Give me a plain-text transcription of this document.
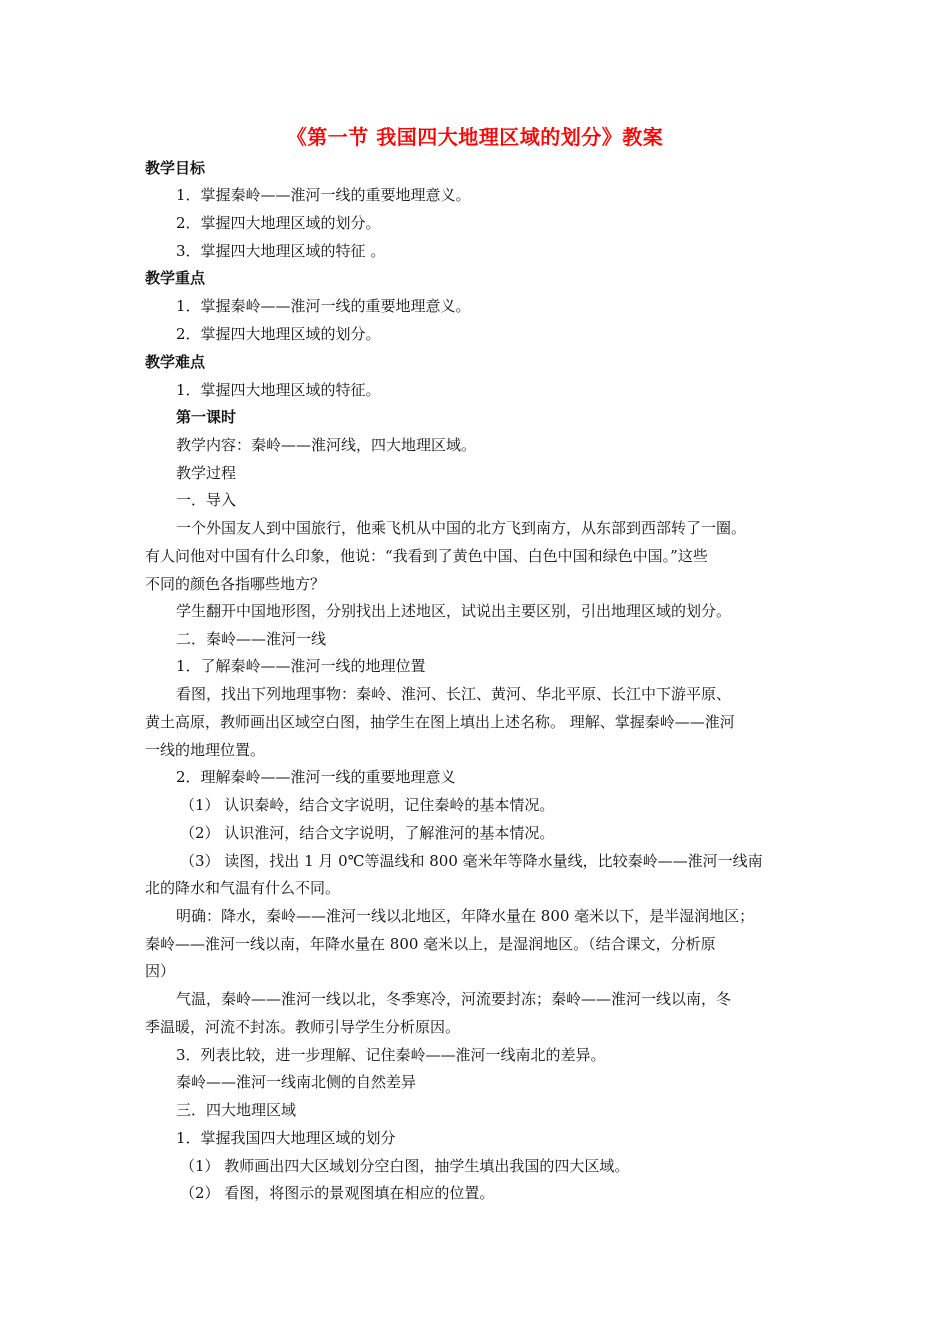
《第一节 我国四大地理区域的划分》教案
教学目标
1．掌握秦岭——淮河一线的重要地理意义。
2．掌握四大地理区域的划分。
3．掌握四大地理区域的特征 。
教学重点
1．掌握秦岭——淮河一线的重要地理意义。
2．掌握四大地理区域的划分。
教学难点
1．掌握四大地理区域的特征。
第一课时
教学内容：秦岭——淮河线，四大地理区域。
教学过程
一．导入
一个外国友人到中国旅行，他乘飞机从中国的北方飞到南方，从东部到西部转了一圈。
有人问他对中国有什么印象，他说：“我看到了黄色中国、白色中国和绿色中国。”这些
不同的颜色各指哪些地方？
学生翻开中国地形图，分别找出上述地区，试说出主要区别，引出地理区域的划分。
二．秦岭——淮河一线
1．了解秦岭——淮河一线的地理位置
看图，找出下列地理事物：秦岭、淮河、长江、黄河、华北平原、长江中下游平原、
黄土高原，教师画出区域空白图，抽学生在图上填出上述名称。 理解、掌握秦岭——淮河
一线的地理位置。
2．理解秦岭——淮河一线的重要地理意义
（1） 认识秦岭，结合文字说明，记住秦岭的基本情况。
（2） 认识淮河，结合文字说明，了解淮河的基本情况。
（3） 读图，找出 1 月 0℃等温线和 800 毫米年等降水量线，比较秦岭——淮河一线南
北的降水和气温有什么不同。
明确：降水，秦岭——淮河一线以北地区，年降水量在 800 毫米以下，是半湿润地区；
秦岭——淮河一线以南，年降水量在 800 毫米以上，是湿润地区。（结合课文，分析原
因）
气温，秦岭——淮河一线以北，冬季寒冷，河流要封冻；秦岭——淮河一线以南，冬
季温暖，河流不封冻。教师引导学生分析原因。
3．列表比较，进一步理解、记住秦岭——淮河一线南北的差异。
秦岭——淮河一线南北侧的自然差异
三．四大地理区域
1．掌握我国四大地理区域的划分
（1） 教师画出四大区域划分空白图，抽学生填出我国的四大区域。
（2） 看图，将图示的景观图填在相应的位置。
